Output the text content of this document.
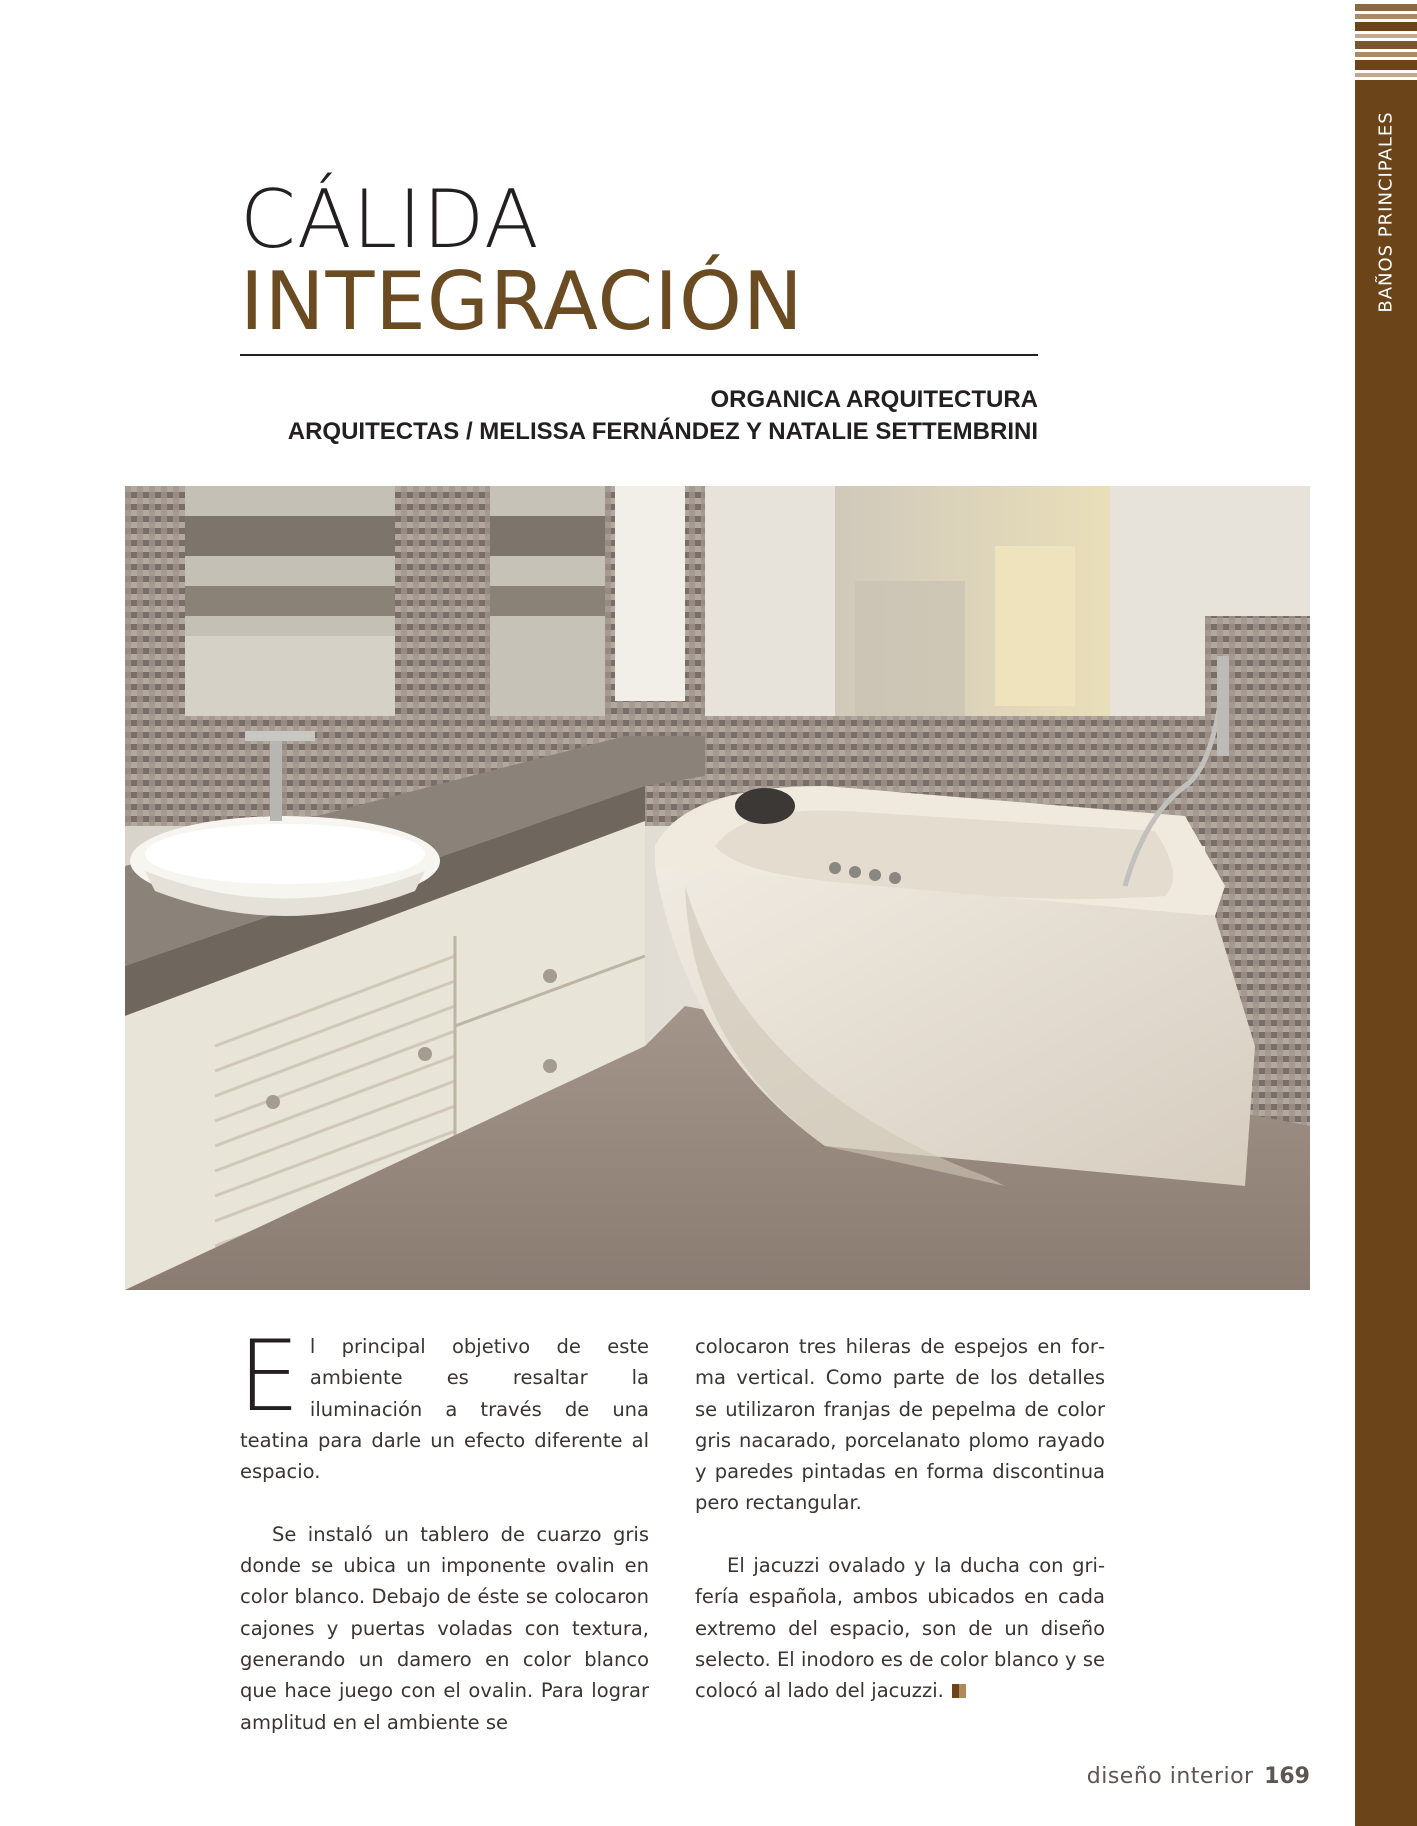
BAÑOS PRINCIPALES
CÁLIDA
INTEGRACIÓN
ORGANICA ARQUITECTURA
ARQUITECTAS / MELISSA FERNÁNDEZ Y NATALIE SETTEMBRINI

El principal objetivo de este ambiente es resaltar la iluminación a través de una teatina para darle un efecto diferente al espacio.

Se instaló un tablero de cuarzo gris donde se ubica un imponente ovalin en color blanco. Debajo de éste se colocaron cajones y puertas voladas con textura, generando un damero en color blanco que hace juego con el ovalin. Para lograr amplitud en el ambiente se

colocaron tres hileras de espejos en forma vertical. Como parte de los detalles se utilizaron franjas de pepelma de color gris nacarado, porcelanato plomo rayado y paredes pintadas en forma discontinua pero rectangular.

El jacuzzi ovalado y la ducha con grifería española, ambos ubicados en cada extremo del espacio, son de un diseño selecto. El inodoro es de color blanco y se colocó al lado del jacuzzi.

diseño interior 169
